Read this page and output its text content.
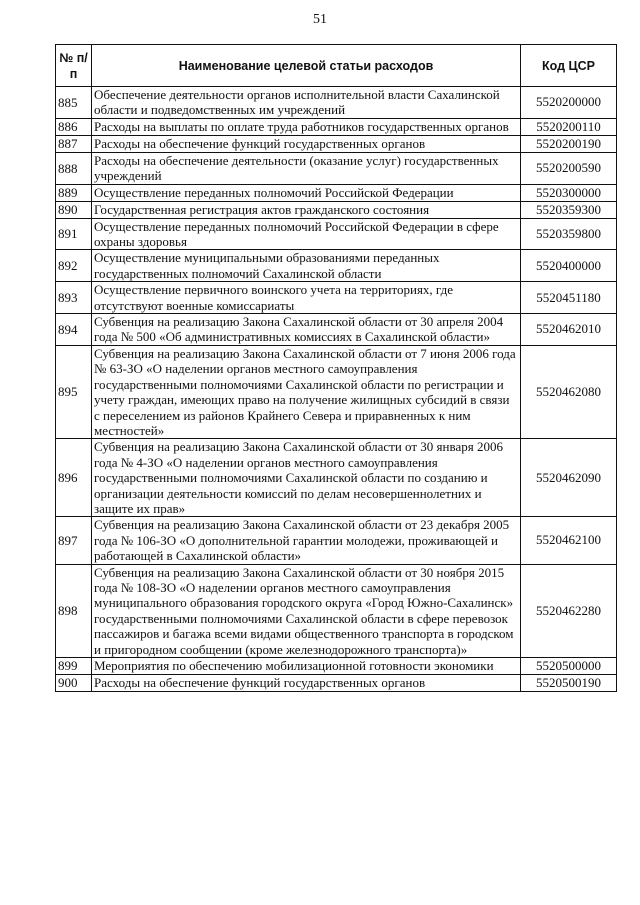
51
№ п/п	Наименование целевой статьи расходов	Код ЦСР
885	Обеспечение деятельности органов исполнительной власти Сахалинской области и подведомственных им учреждений	5520200000
886	Расходы на выплаты по оплате труда работников государственных органов	5520200110
887	Расходы на обеспечение функций государственных органов	5520200190
888	Расходы на обеспечение деятельности (оказание услуг) государственных учреждений	5520200590
889	Осуществление переданных полномочий Российской Федерации	5520300000
890	Государственная регистрация актов гражданского состояния	5520359300
891	Осуществление переданных полномочий Российской Федерации в сфере охраны здоровья	5520359800
892	Осуществление муниципальными образованиями переданных государственных полномочий Сахалинской области	5520400000
893	Осуществление первичного воинского учета на территориях, где отсутствуют военные комиссариаты	5520451180
894	Субвенция на реализацию Закона Сахалинской области от 30 апреля 2004 года № 500 «Об административных комиссиях в Сахалинской области»	5520462010
895	Субвенция на реализацию Закона Сахалинской области от 7 июня 2006 года № 63-ЗО «О наделении органов местного самоуправления государственными полномочиями Сахалинской области по регистрации и учету граждан, имеющих право на получение жилищных субсидий в связи с переселением из районов Крайнего Севера и приравненных к ним местностей»	5520462080
896	Субвенция на реализацию Закона Сахалинской области от 30 января 2006 года № 4-ЗО «О наделении органов местного самоуправления государственными полномочиями Сахалинской области по созданию и организации деятельности комиссий по делам несовершеннолетних и защите их прав»	5520462090
897	Субвенция на реализацию Закона Сахалинской области от 23 декабря 2005 года № 106-ЗО «О дополнительной гарантии молодежи, проживающей и работающей в Сахалинской области»	5520462100
898	Субвенция на реализацию Закона Сахалинской области от 30 ноября 2015 года № 108-ЗО «О наделении органов местного самоуправления муниципального образования городского округа «Город Южно-Сахалинск» государственными полномочиями Сахалинской области в сфере перевозок пассажиров и багажа всеми видами общественного транспорта в городском и пригородном сообщении (кроме железнодорожного транспорта)»	5520462280
899	Мероприятия по обеспечению мобилизационной готовности экономики	5520500000
900	Расходы на обеспечение функций государственных органов	5520500190
